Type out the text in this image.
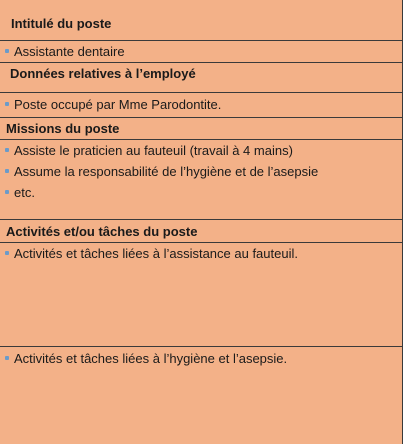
Intitulé du poste
Assistante dentaire
Données relatives à l’employé
Poste occupé par Mme Parodontite.
Missions du poste
Assiste le praticien au fauteuil (travail à 4 mains)
Assume la responsabilité de l’hygiène et de l’asepsie
etc.
Activités et/ou tâches du poste
Activités et tâches liées à l’assistance au fauteuil.
Activités et tâches liées à l’hygiène et l’asepsie.
